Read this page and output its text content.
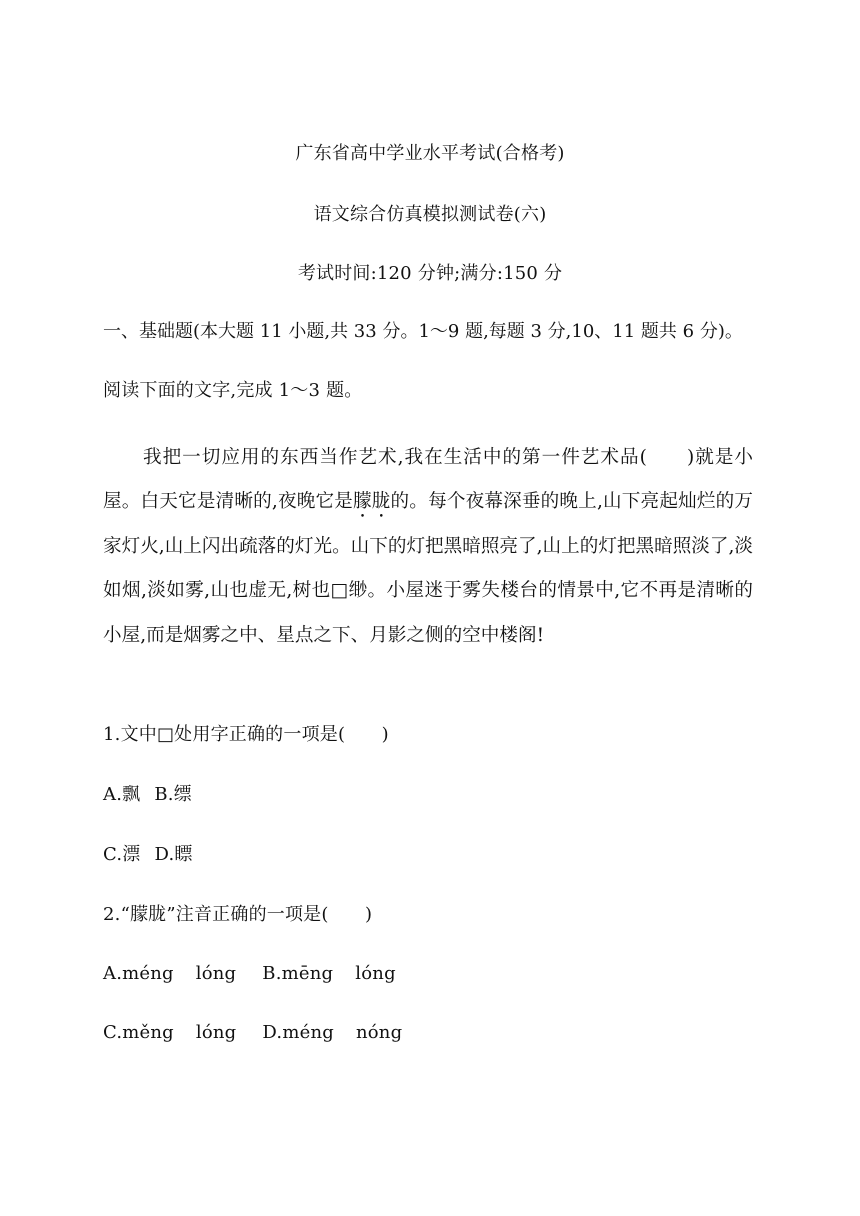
广东省高中学业水平考试(合格考)
语文综合仿真模拟测试卷(六)
考试时间:120 分钟;满分:150 分
一、基础题(本大题 11 小题,共 33 分。1～9 题,每题 3 分,10、11 题共 6 分)。
阅读下面的文字,完成 1～3 题。

我把一切应用的东西当作艺术,我在生活中的第一件艺术品(　　)就是小屋。白天它是清晰的,夜晚它是朦胧的。每个夜幕深垂的晚上,山下亮起灿烂的万家灯火,山上闪出疏落的灯光。山下的灯把黑暗照亮了,山上的灯把黑暗照淡了,淡如烟,淡如雾,山也虚无,树也□缈。小屋迷于雾失楼台的情景中,它不再是清晰的小屋,而是烟雾之中、星点之下、月影之侧的空中楼阁!

1.文中□处用字正确的一项是(　　)
A.飘 B.缥
C.漂 D.瞟
2.“朦胧”注音正确的一项是(　　)
A.méng lóng B.mēng lóng
C.měng lóng D.méng nóng
